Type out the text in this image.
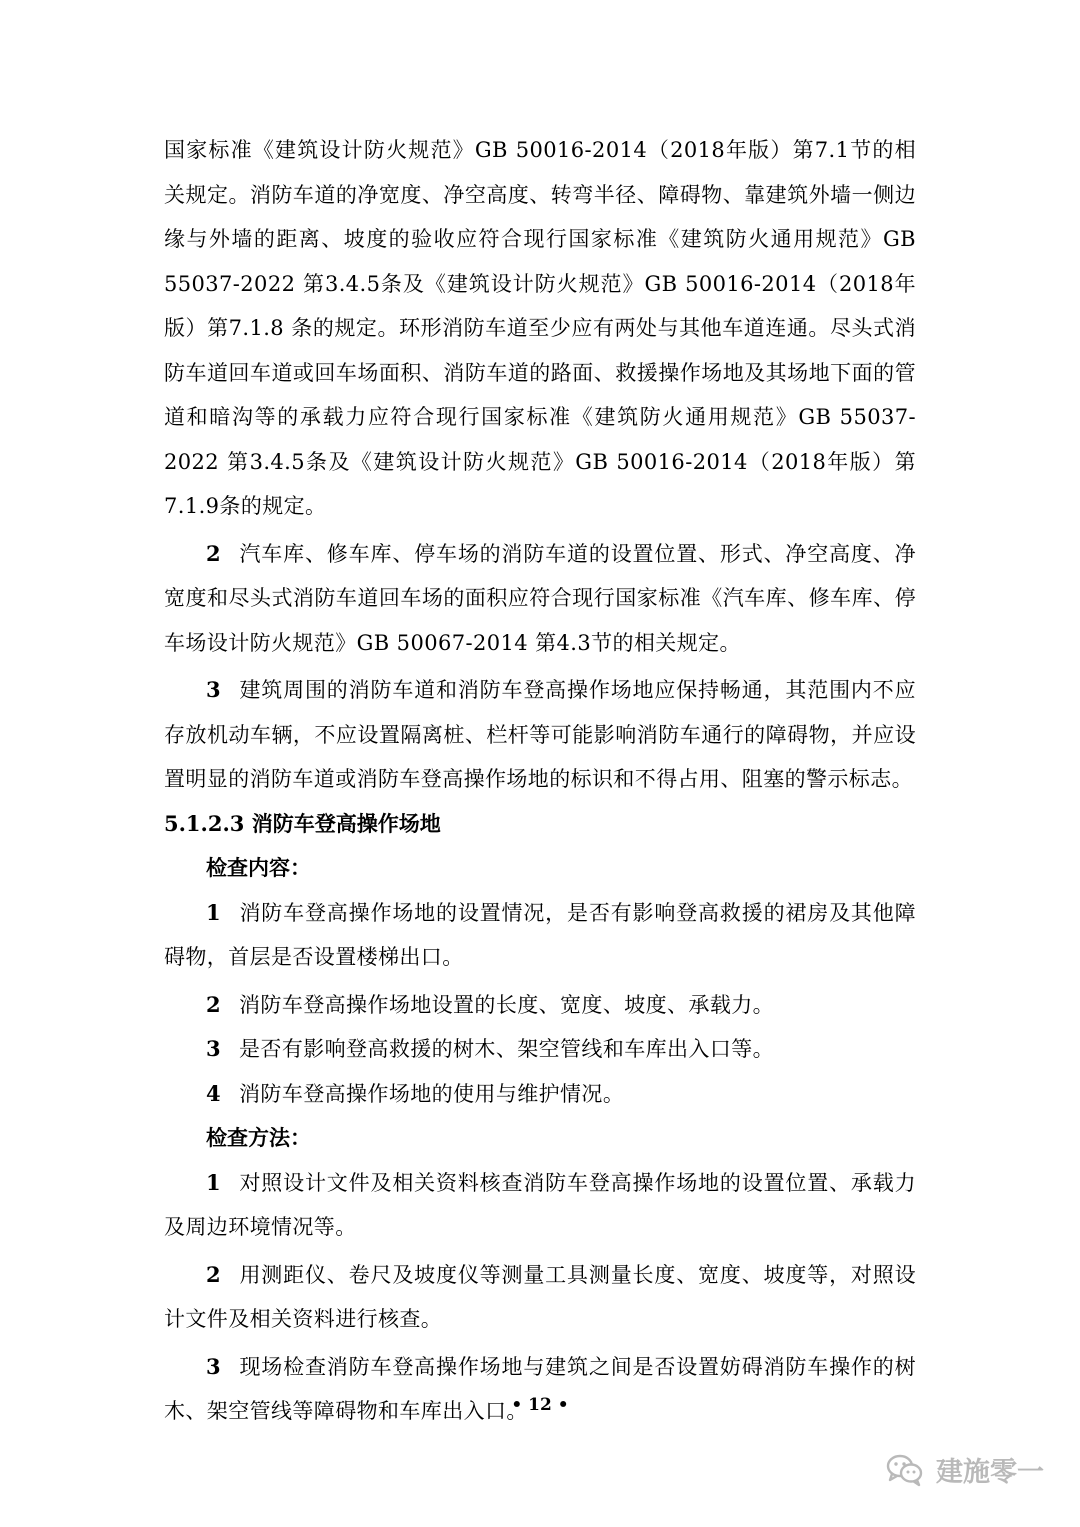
国家标准《建筑设计防火规范》GB 50016-2014（2018年版）第7.1节的相关规定。消防车道的净宽度、净空高度、转弯半径、障碍物、靠建筑外墙一侧边缘与外墙的距离、坡度的验收应符合现行国家标准《建筑防火通用规范》GB 55037-2022 第3.4.5条及《建筑设计防火规范》GB 50016-2014（2018年版）第7.1.8 条的规定。环形消防车道至少应有两处与其他车道连通。尽头式消防车道回车道或回车场面积、消防车道的路面、救援操作场地及其场地下面的管道和暗沟等的承载力应符合现行国家标准《建筑防火通用规范》GB 55037-2022 第3.4.5条及《建筑设计防火规范》GB 50016-2014（2018年版）第7.1.9条的规定。

2 汽车库、修车库、停车场的消防车道的设置位置、形式、净空高度、净宽度和尽头式消防车道回车场的面积应符合现行国家标准《汽车库、修车库、停车场设计防火规范》GB 50067-2014 第4.3节的相关规定。

3 建筑周围的消防车道和消防车登高操作场地应保持畅通，其范围内不应存放机动车辆，不应设置隔离桩、栏杆等可能影响消防车通行的障碍物，并应设置明显的消防车道或消防车登高操作场地的标识和不得占用、阻塞的警示标志。

5.1.2.3 消防车登高操作场地

检查内容：

1 消防车登高操作场地的设置情况，是否有影响登高救援的裙房及其他障碍物，首层是否设置楼梯出口。

2 消防车登高操作场地设置的长度、宽度、坡度、承载力。

3 是否有影响登高救援的树木、架空管线和车库出入口等。

4 消防车登高操作场地的使用与维护情况。

检查方法：

1 对照设计文件及相关资料核查消防车登高操作场地的设置位置、承载力及周边环境情况等。

2 用测距仪、卷尺及坡度仪等测量工具测量长度、宽度、坡度等，对照设计文件及相关资料进行核查。

3 现场检查消防车登高操作场地与建筑之间是否设置妨碍消防车操作的树木、架空管线等障碍物和车库出入口。

• 12 •
建施零一
